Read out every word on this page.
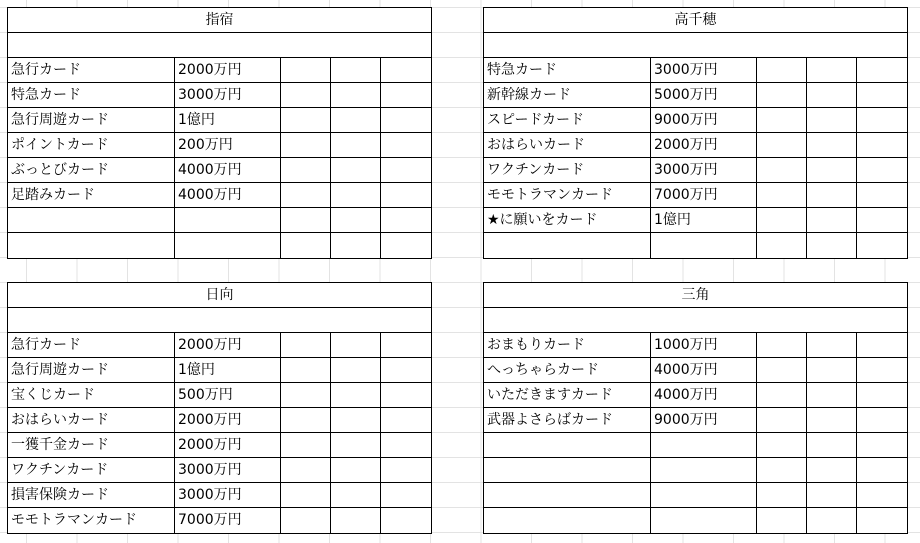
指宿
急行カード	2000万円
特急カード	3000万円
急行周遊カード	1億円
ポイントカード	200万円
ぶっとびカード	4000万円
足踏みカード	4000万円
高千穂
特急カード	3000万円
新幹線カード	5000万円
スピードカード	9000万円
おはらいカード	2000万円
ワクチンカード	3000万円
モモトラマンカード	7000万円
★に願いをカード	1億円
日向
急行カード	2000万円
急行周遊カード	1億円
宝くじカード	500万円
おはらいカード	2000万円
一獲千金カード	2000万円
ワクチンカード	3000万円
損害保険カード	3000万円
モモトラマンカード	7000万円
三角
おまもりカード	1000万円
へっちゃらカード	4000万円
いただきますカード	4000万円
武器よさらばカード	9000万円
